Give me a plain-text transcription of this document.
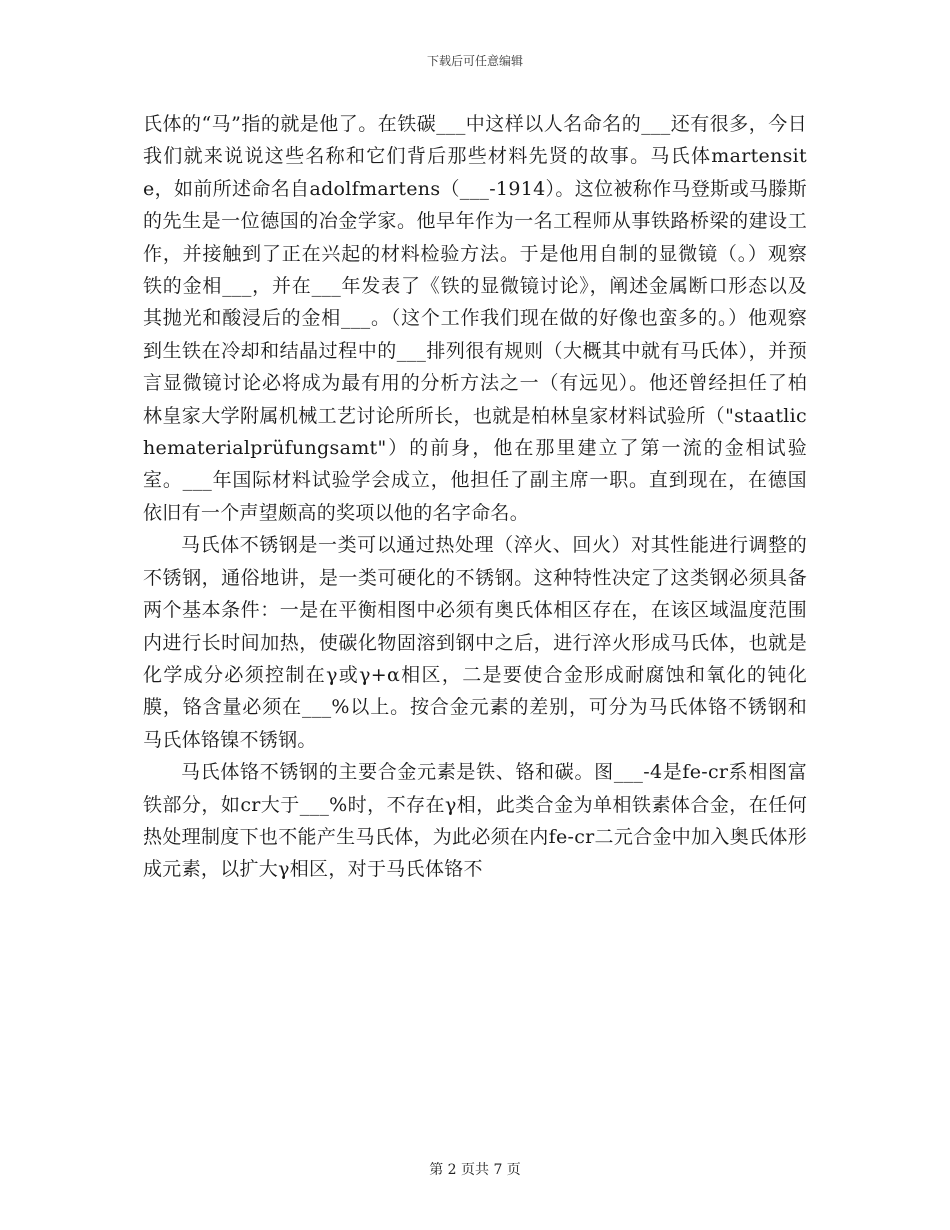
下载后可任意编辑

氏体的“马”指的就是他了。在铁碳___中这样以人名命名的___还有很多，今日我们就来说说这些名称和它们背后那些材料先贤的故事。马氏体martensite，如前所述命名自adolfmartens（___-1914）。这位被称作马登斯或马滕斯的先生是一位德国的冶金学家。他早年作为一名工程师从事铁路桥梁的建设工作，并接触到了正在兴起的材料检验方法。于是他用自制的显微镜（。）观察铁的金相___，并在___年发表了《铁的显微镜讨论》，阐述金属断口形态以及其抛光和酸浸后的金相___。（这个工作我们现在做的好像也蛮多的。）他观察到生铁在冷却和结晶过程中的___排列很有规则（大概其中就有马氏体），并预言显微镜讨论必将成为最有用的分析方法之一（有远见）。他还曾经担任了柏林皇家大学附属机械工艺讨论所所长，也就是柏林皇家材料试验所（"staatlichematerialprüfungsamt"）的前身，他在那里建立了第一流的金相试验室。___年国际材料试验学会成立，他担任了副主席一职。直到现在，在德国依旧有一个声望颇高的奖项以他的名字命名。

马氏体不锈钢是一类可以通过热处理（淬火、回火）对其性能进行调整的不锈钢，通俗地讲，是一类可硬化的不锈钢。这种特性决定了这类钢必须具备两个基本条件：一是在平衡相图中必须有奥氏体相区存在，在该区域温度范围内进行长时间加热，使碳化物固溶到钢中之后，进行淬火形成马氏体，也就是化学成分必须控制在γ或γ+α相区，二是要使合金形成耐腐蚀和氧化的钝化膜，铬含量必须在___%以上。按合金元素的差别，可分为马氏体铬不锈钢和马氏体铬镍不锈钢。

马氏体铬不锈钢的主要合金元素是铁、铬和碳。图___-4是fe-cr系相图富铁部分，如cr大于___%时，不存在γ相，此类合金为单相铁素体合金，在任何热处理制度下也不能产生马氏体，为此必须在内fe-cr二元合金中加入奥氏体形成元素，以扩大γ相区，对于马氏体铬不

第 2 页共 7 页
